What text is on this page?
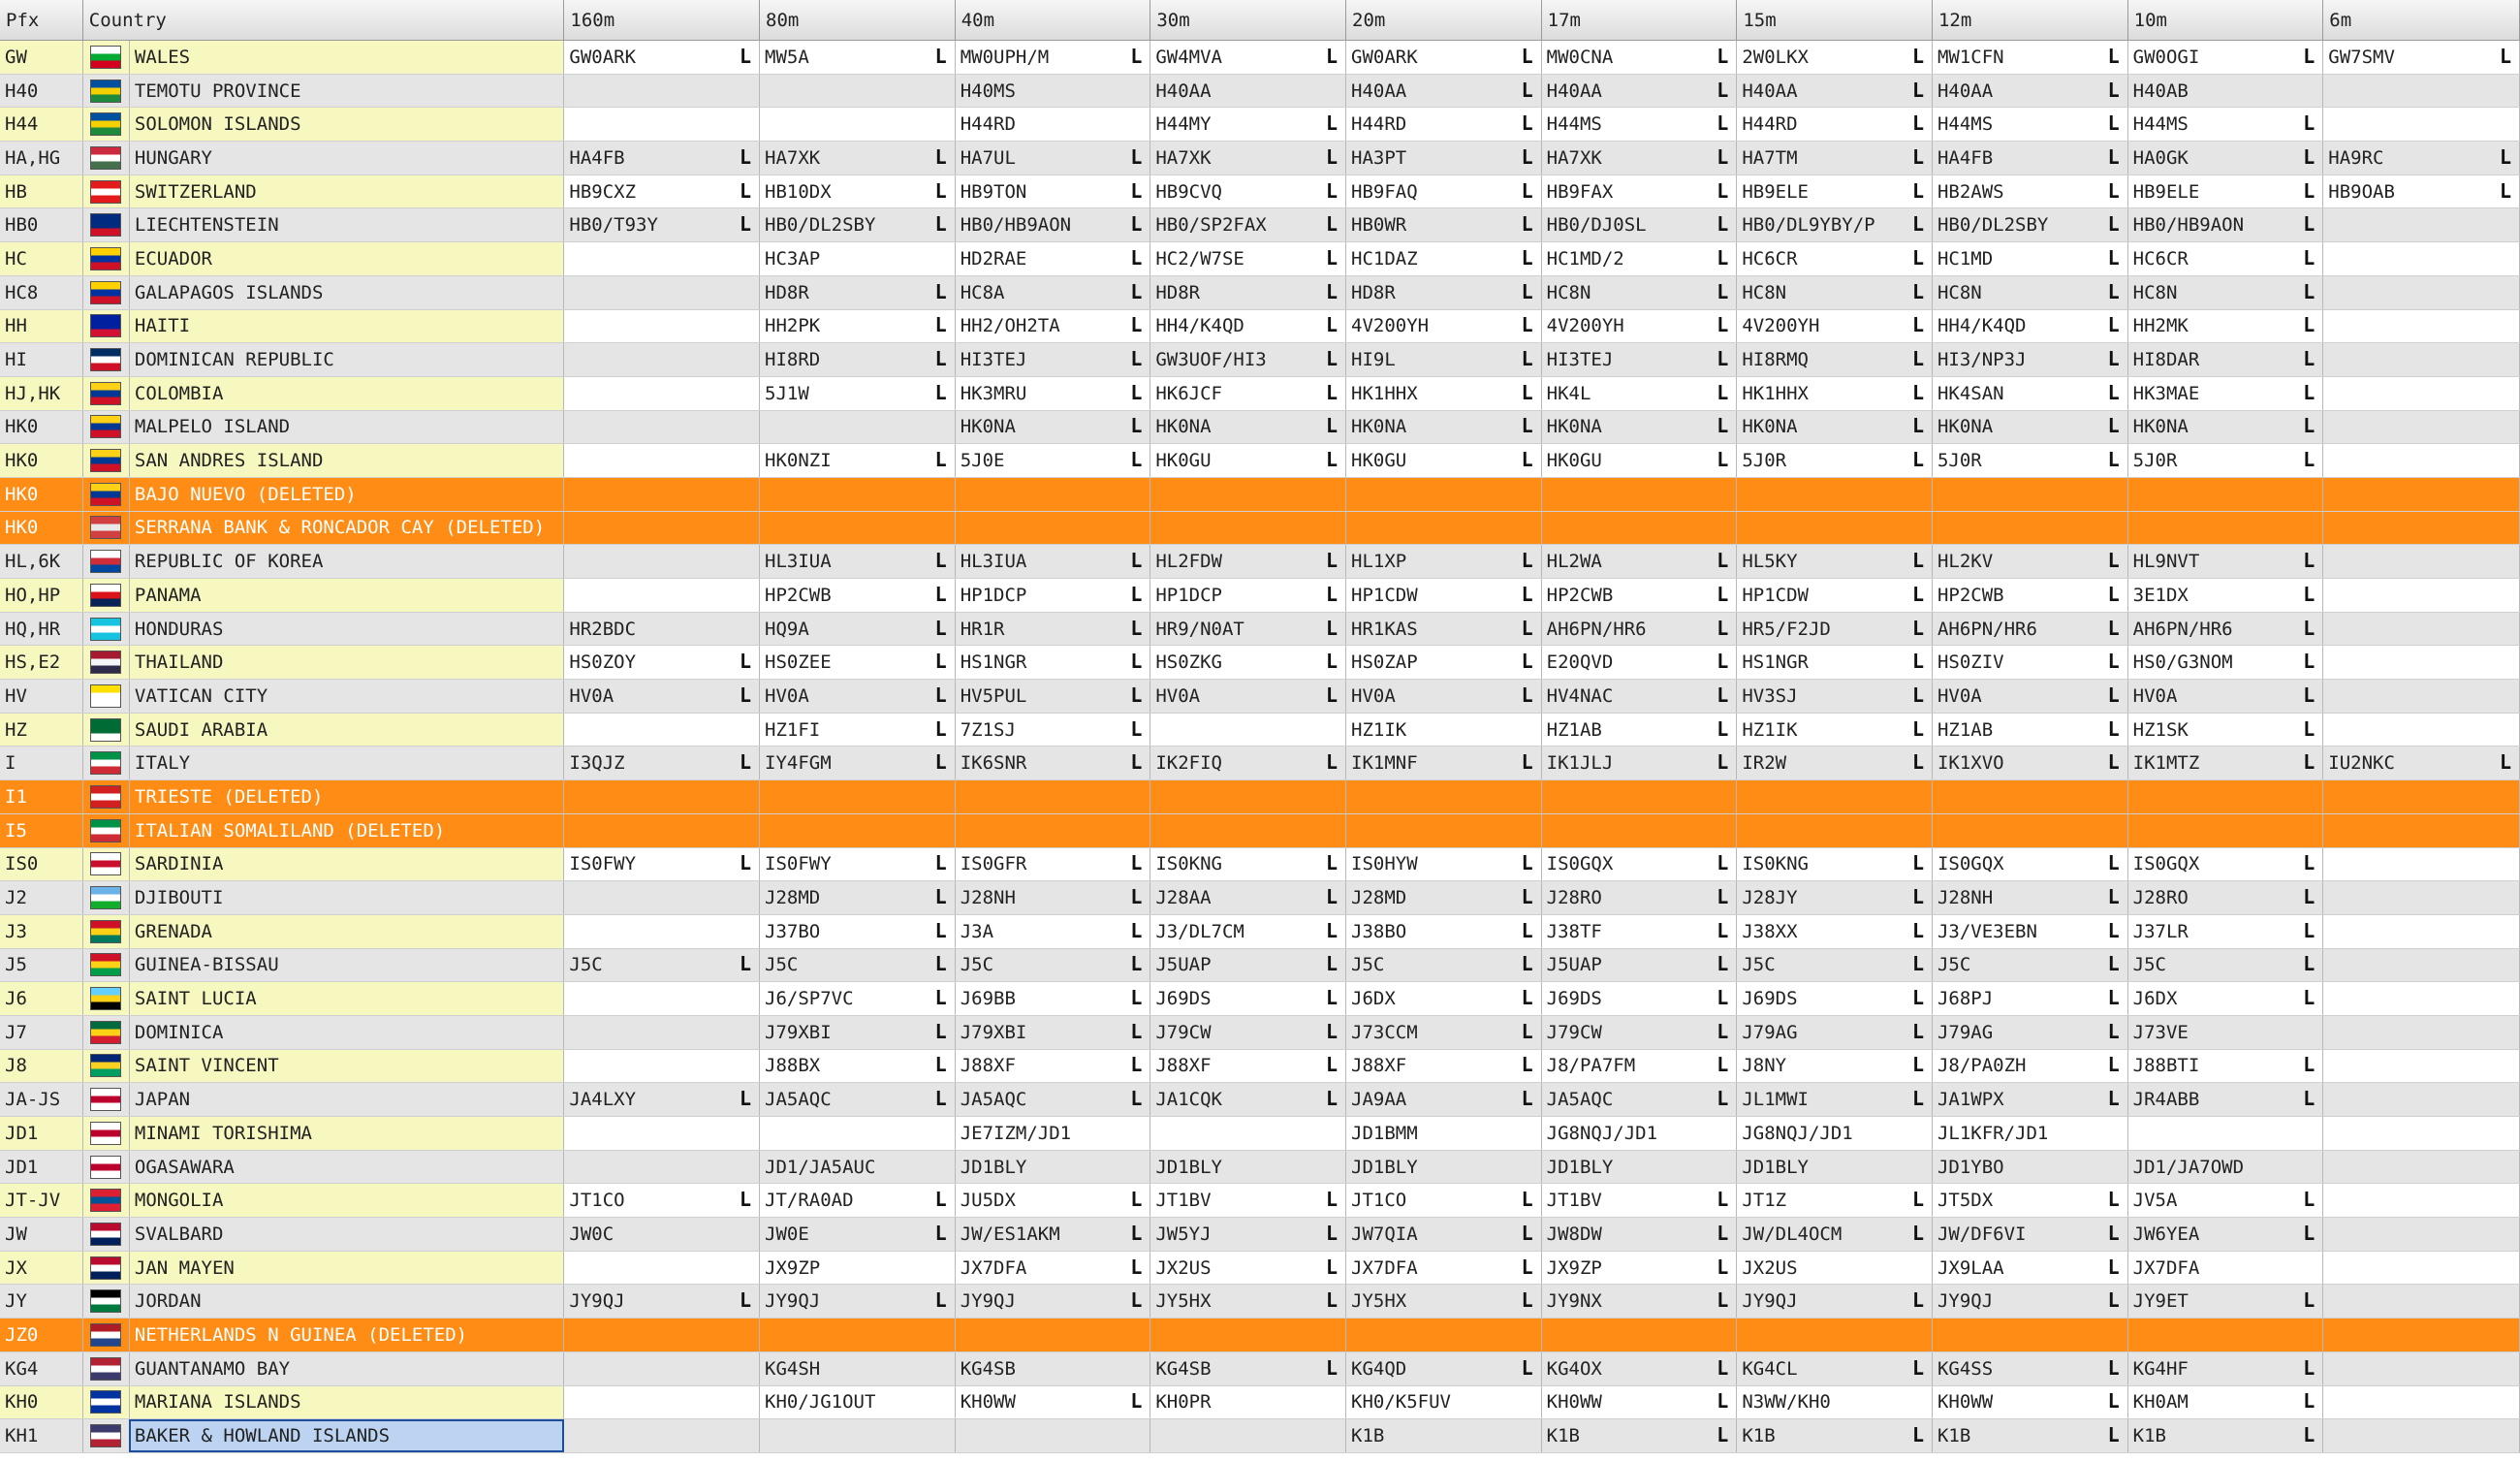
Pfx	Country		160m	80m	40m	30m	20m	17m	15m	12m	10m	6m
GW		WALES	GW0ARK L	MW5A L	MW0UPH/M L	GW4MVA L	GW0ARK L	MW0CNA L	2W0LKX L	MW1CFN L	GW0OGI L	GW7SMV L

H40		TEMOTU PROVINCE			H40MS	H40AA	H40AA L	H40AA L	H40AA L	H40AA L	H40AB	
H44		SOLOMON ISLANDS			H44RD	H44MY L	H44RD L	H44MS L	H44RD L	H44MS L	H44MS L	

HA,HG		HUNGARY	HA4FB L	HA7XK L	HA7UL L	HA7XK L	HA3PT L	HA7XK L	HA7TM L	HA4FB L	HA0GK L	HA9RC L

HB		SWITZERLAND	HB9CXZ L	HB10DX L	HB9TON L	HB9CVQ L	HB9FAQ L	HB9FAX L	HB9ELE L	HB2AWS L	HB9ELE L	HB9OAB L

HB0		LIECHTENSTEIN	HB0/T93Y L	HB0/DL2SBY L	HB0/HB9AON L	HB0/SP2FAX L	HB0WR L	HB0/DJ0SL L	HB0/DL9YBY/P L	HB0/DL2SBY L	HB0/HB9AON L	

HC		ECUADOR		HC3AP	HD2RAE L	HC2/W7SE L	HC1DAZ L	HC1MD/2 L	HC6CR L	HC1MD L	HC6CR L	

HC8		GALAPAGOS ISLANDS		HD8R L	HC8A L	HD8R L	HD8R L	HC8N L	HC8N L	HC8N L	HC8N L	

HH		HAITI		HH2PK L	HH2/OH2TA L	HH4/K4QD L	4V200YH L	4V200YH L	4V200YH L	HH4/K4QD L	HH2MK L	

HI		DOMINICAN REPUBLIC		HI8RD L	HI3TEJ L	GW3UOF/HI3 L	HI9L L	HI3TEJ L	HI8RMQ L	HI3/NP3J L	HI8DAR L	

HJ,HK		COLOMBIA		5J1W L	HK3MRU L	HK6JCF L	HK1HHX L	HK4L L	HK1HHX L	HK4SAN L	HK3MAE L	

HK0		MALPELO ISLAND			HK0NA L	HK0NA L	HK0NA L	HK0NA L	HK0NA L	HK0NA L	HK0NA L	

HK0		SAN ANDRES ISLAND		HK0NZI L	5J0E L	HK0GU L	HK0GU L	HK0GU L	5J0R L	5J0R L	5J0R L	

HK0		BAJO NUEVO (DELETED)										
HK0		SERRANA BANK & RONCADOR CAY (DELETED)										
HL,6K		REPUBLIC OF KOREA		HL3IUA L	HL3IUA L	HL2FDW L	HL1XP L	HL2WA L	HL5KY L	HL2KV L	HL9NVT L	

HO,HP		PANAMA		HP2CWB L	HP1DCP L	HP1DCP L	HP1CDW L	HP2CWB L	HP1CDW L	HP2CWB L	3E1DX L	

HQ,HR		HONDURAS	HR2BDC	HQ9A L	HR1R L	HR9/N0AT L	HR1KAS L	AH6PN/HR6 L	HR5/F2JD L	AH6PN/HR6 L	AH6PN/HR6 L	

HS,E2		THAILAND	HS0ZOY L	HS0ZEE L	HS1NGR L	HS0ZKG L	HS0ZAP L	E20QVD L	HS1NGR L	HS0ZIV L	HS0/G3NOM L	

HV		VATICAN CITY	HV0A L	HV0A L	HV5PUL L	HV0A L	HV0A L	HV4NAC L	HV3SJ L	HV0A L	HV0A L	

HZ		SAUDI ARABIA		HZ1FI L	7Z1SJ L		HZ1IK	HZ1AB L	HZ1IK L	HZ1AB L	HZ1SK L	

I		ITALY	I3QJZ L	IY4FGM L	IK6SNR L	IK2FIQ L	IK1MNF L	IK1JLJ L	IR2W L	IK1XVO L	IK1MTZ L	IU2NKC L

I1		TRIESTE (DELETED)										
I5		ITALIAN SOMALILAND (DELETED)										
IS0		SARDINIA	IS0FWY L	IS0FWY L	IS0GFR L	IS0KNG L	IS0HYW L	IS0GQX L	IS0KNG L	IS0GQX L	IS0GQX L	

J2		DJIBOUTI		J28MD L	J28NH L	J28AA L	J28MD L	J28RO L	J28JY L	J28NH L	J28RO L	

J3		GRENADA		J37BO L	J3A L	J3/DL7CM L	J38BO L	J38TF L	J38XX L	J3/VE3EBN L	J37LR L	

J5		GUINEA-BISSAU	J5C L	J5C L	J5C L	J5UAP L	J5C L	J5UAP L	J5C L	J5C L	J5C L	

J6		SAINT LUCIA		J6/SP7VC L	J69BB L	J69DS L	J6DX L	J69DS L	J69DS L	J68PJ L	J6DX L	

J7		DOMINICA		J79XBI L	J79XBI L	J79CW L	J73CCM L	J79CW L	J79AG L	J79AG L	J73VE	
J8		SAINT VINCENT		J88BX L	J88XF L	J88XF L	J88XF L	J8/PA7FM L	J8NY L	J8/PA0ZH L	J88BTI L	

JA-JS		JAPAN	JA4LXY L	JA5AQC L	JA5AQC L	JA1CQK L	JA9AA L	JA5AQC L	JL1MWI L	JA1WPX L	JR4ABB L	

JD1		MINAMI TORISHIMA			JE7IZM/JD1		JD1BMM	JG8NQJ/JD1	JG8NQJ/JD1	JL1KFR/JD1		
JD1		OGASAWARA		JD1/JA5AUC	JD1BLY	JD1BLY	JD1BLY	JD1BLY	JD1BLY	JD1YBO	JD1/JA7OWD	
JT-JV		MONGOLIA	JT1CO L	JT/RA0AD L	JU5DX L	JT1BV L	JT1CO L	JT1BV L	JT1Z L	JT5DX L	JV5A L	

JW		SVALBARD	JW0C	JW0E L	JW/ES1AKM L	JW5YJ L	JW7QIA L	JW8DW L	JW/DL4OCM L	JW/DF6VI L	JW6YEA L	

JX		JAN MAYEN		JX9ZP	JX7DFA L	JX2US L	JX7DFA L	JX9ZP L	JX2US	JX9LAA L	JX7DFA	
JY		JORDAN	JY9QJ L	JY9QJ L	JY9QJ L	JY5HX L	JY5HX L	JY9NX L	JY9QJ L	JY9QJ L	JY9ET L	

JZ0		NETHERLANDS N GUINEA (DELETED)										
KG4		GUANTANAMO BAY		KG4SH	KG4SB	KG4SB L	KG4QD L	KG4OX L	KG4CL L	KG4SS L	KG4HF L	

KH0		MARIANA ISLANDS		KH0/JG1OUT	KH0WW L	KH0PR	KH0/K5FUV	KH0WW L	N3WW/KH0	KH0WW L	KH0AM L	

KH1		BAKER & HOWLAND ISLANDS					K1B	K1B L	K1B L	K1B L	K1B L	
